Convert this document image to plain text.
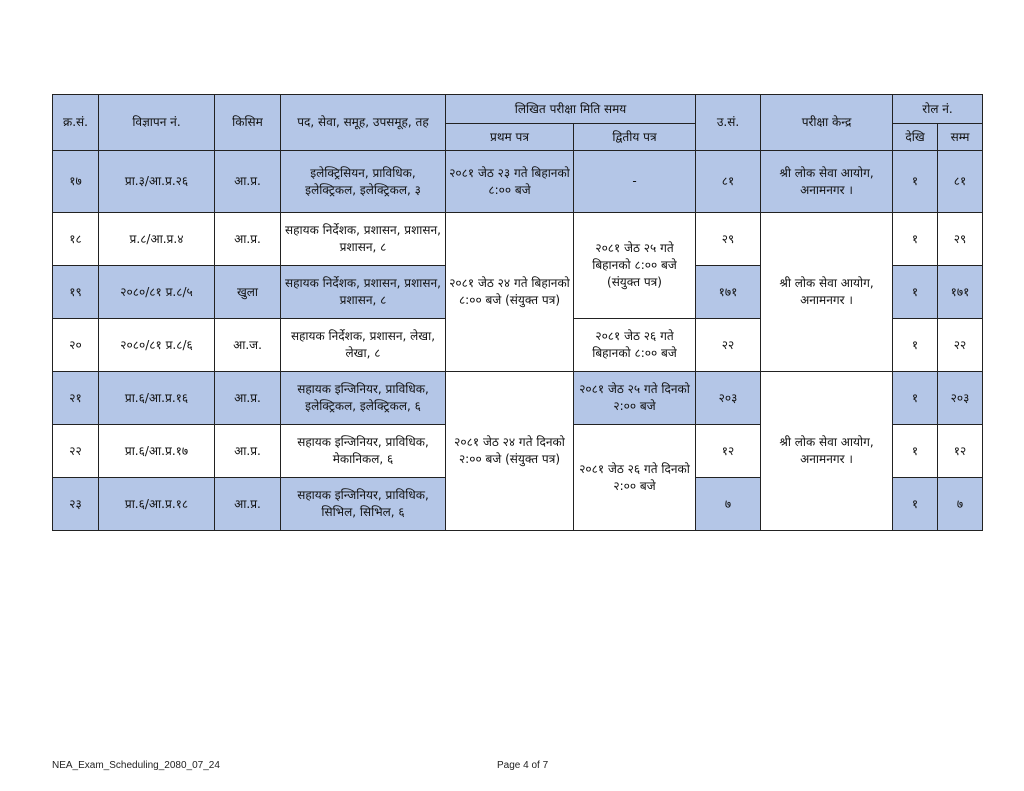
क्र.सं.	विज्ञापन नं.	किसिम	पद, सेवा, समूह, उपसमूह, तह	लिखित परीक्षा मिति समय		उ.सं.	परीक्षा केन्द्र	रोल नं.	
				प्रथम पत्र	द्वितीय पत्र			देखि	सम्म
१७	प्रा.३/आ.प्र.२६	आ.प्र.	इलेक्ट्रिसियन, प्राविधिक, इलेक्ट्रिकल, इलेक्ट्रिकल, ३	२०८१ जेठ २३ गते बिहानको ८:०० बजे	-	८१	श्री लोक सेवा आयोग, अनामनगर ।	१	८१
१८	प्र.८/आ.प्र.४	आ.प्र.	सहायक निर्देशक, प्रशासन, प्रशासन, प्रशासन, ८	२०८१ जेठ २४ गते बिहानको ८:०० बजे (संयुक्त पत्र)	२०८१ जेठ २५ गते बिहानको ८:०० बजे (संयुक्त पत्र)	२९	श्री लोक सेवा आयोग, अनामनगर ।	१	२९
१९	२०८०/८१ प्र.८/५	खुला	सहायक निर्देशक, प्रशासन, प्रशासन, प्रशासन, ८			१७१		१	१७१
२०	२०८०/८१ प्र.८/६	आ.ज.	सहायक निर्देशक, प्रशासन, लेखा, लेखा, ८		२०८१ जेठ २६ गते बिहानको ८:०० बजे	२२		१	२२
२१	प्रा.६/आ.प्र.१६	आ.प्र.	सहायक इन्जिनियर, प्राविधिक, इलेक्ट्रिकल, इलेक्ट्रिकल, ६	२०८१ जेठ २४ गते दिनको २:०० बजे (संयुक्त पत्र)	२०८१ जेठ २५ गते दिनको २:०० बजे	२०३	श्री लोक सेवा आयोग, अनामनगर ।	१	२०३
२२	प्रा.६/आ.प्र.१७	आ.प्र.	सहायक इन्जिनियर, प्राविधिक, मेकानिकल, ६		२०८१ जेठ २६ गते दिनको २:०० बजे	१२		१	१२
२३	प्रा.६/आ.प्र.१८	आ.प्र.	सहायक इन्जिनियर, प्राविधिक, सिभिल, सिभिल, ६			७		१	७
NEA_Exam_Scheduling_2080_07_24	Page 4 of 7
